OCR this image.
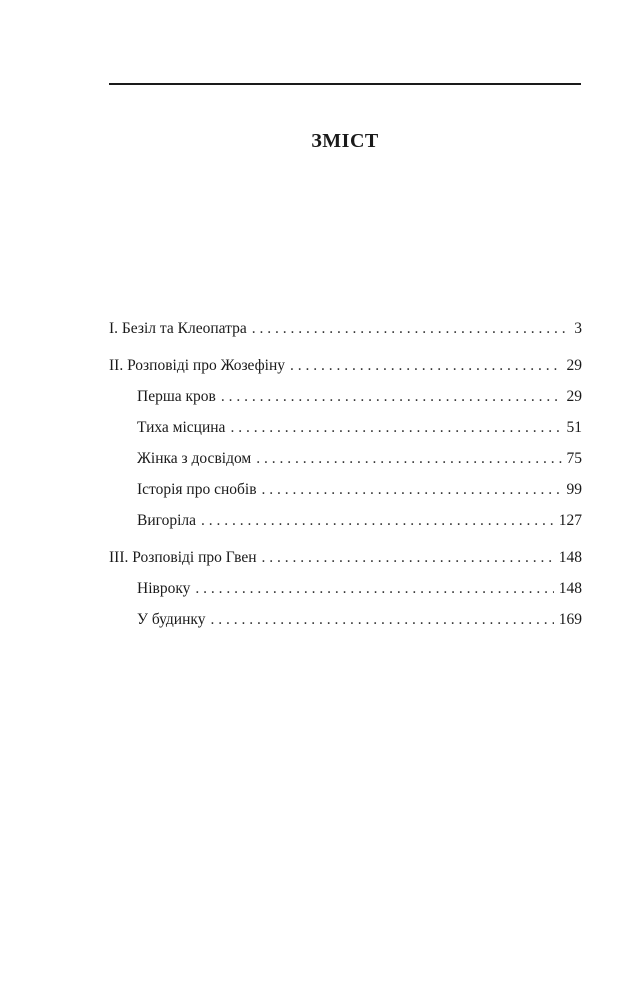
ЗМІСТ
I. Безіл та Клеопатра . . .	3
II. Розповіді про Жозефіну . . .	29
Перша кров . . .	29
Тиха місцина . . .	51
Жінка з досвідом . . .	75
Історія про снобів . . .	99
Вигоріла . . .	127
III. Розповіді про Гвен . . .	148
Нівроку . . .	148
У будинку . . .	169
